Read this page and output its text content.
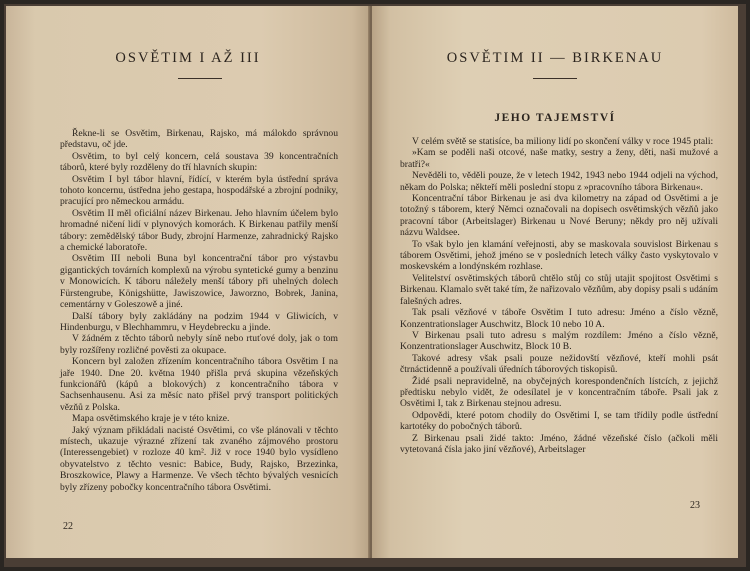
OSVĚTIM I AŽ III

Řekne-li se Osvětim, Birkenau, Rajsko, má málokdo správnou představu, oč jde.

Osvětim, to byl celý koncern, celá soustava 39 koncentračních táborů, které byly rozděleny do tří hlavních skupin:

Osvětim I byl tábor hlavní, řídící, v kterém byla ústřední správa tohoto koncernu, ústředna jeho gestapa, hospodářské a zbrojní podniky, pracující pro německou armádu.

Osvětim II měl oficiální název Birkenau. Jeho hlavním účelem bylo hromadné ničení lidí v plynových komorách. K Birkenau patřily menší tábory: zemědělský tábor Budy, zbrojní Harmenze, zahradnický Rajsko a chemické laboratoře.

Osvětim III neboli Buna byl koncentrační tábor pro výstavbu gigantických továrních komplexů na výrobu syntetické gumy a benzinu v Monowicích. K táboru náležely menší tábory při uhelných dolech Fürstengrube, Königshütte, Jawiszowice, Jaworzno, Bobrek, Janina, cementárny v Goleszowě a jiné.

Další tábory byly zakládány na podzim 1944 v Gliwicích, v Hindenburgu, v Blechhammru, v Heydebrecku a jinde.

V žádném z těchto táborů nebyly síně nebo rtuťové doly, jak o tom byly rozšířeny rozličné pověsti za okupace.

Koncern byl založen zřízením koncentračního tábora Osvětim I na jaře 1940. Dne 20. května 1940 přišla prvá skupina vězeňských funkcionářů (kápů a blokových) z koncentračního tábora v Sachsenhausenu. Asi za měsíc nato přišel prvý transport politických vězňů z Polska.

Mapa osvětimského kraje je v této knize.

Jaký význam přikládali nacisté Osvětimi, co vše plánovali v těchto místech, ukazuje výrazné zřízení tak zvaného zájmového prostoru (Interessengebiet) v rozloze 40 km². Již v roce 1940 bylo vysídleno obyvatelstvo z těchto vesnic: Babice, Budy, Rajsko, Brzezinka, Broszkowice, Plawy a Harmenze. Ve všech těchto bývalých vesnicích byly zřízeny pobočky koncentračního tábora Osvětimi.

22
OSVĚTIM II — BIRKENAU
JEHO TAJEMSTVÍ

V celém světě se statisíce, ba miliony lidí po skončení války v roce 1945 ptali:

»Kam se poděli naši otcové, naše matky, sestry a ženy, děti, naši mužové a bratři?«

Nevěděli to, věděli pouze, že v letech 1942, 1943 nebo 1944 odjeli na východ, někam do Polska; někteří měli poslední stopu z »pracovního tábora Birkenau«.

Koncentrační tábor Birkenau je asi dva kilometry na západ od Osvětimi a je totožný s táborem, který Němci označovali na dopisech osvětimských vězňů jako pracovní tábor (Arbeitslager) Birkenau u Nové Beruny; někdy pro něj užívali názvu Waldsee.

To však bylo jen klamání veřejnosti, aby se maskovala souvislost Birkenau s táborem Osvětimi, jehož jméno se v posledních letech války často vyskytovalo v moskevském a londýnském rozhlase.

Velitelství osvětimských táborů chtělo stůj co stůj utajit spojitost Osvětimi s Birkenau. Klamalo svět také tím, že nařizovalo vězňům, aby dopisy psali s udáním falešných adres.

Tak psali vězňové v táboře Osvětim I tuto adresu: Jméno a číslo vězně, Konzentrationslager Auschwitz, Block 10 nebo 10 A.

V Birkenau psali tuto adresu s malým rozdílem: Jméno a číslo vězně, Konzentrationslager Auschwitz, Block 10 B.

Takové adresy však psali pouze nežidovští vězňové, kteří mohli psát čtrnáctidenně a používali úředních táborových tiskopisů.

Židé psali nepravidelně, na obyčejných korespondenčních lístcích, z jejichž předtisku nebylo vidět, že odesílatel je v koncentračním táboře. Psali jak z Osvětimi I, tak z Birkenau stejnou adresu.

Odpovědi, které potom chodily do Osvětimi I, se tam třídily podle ústřední kartotéky do pobočných táborů.

Z Birkenau psali židé takto: Jméno, žádné vězeňské číslo (ačkoli měli vytetovaná čísla jako jiní vězňové), Arbeitslager

23
